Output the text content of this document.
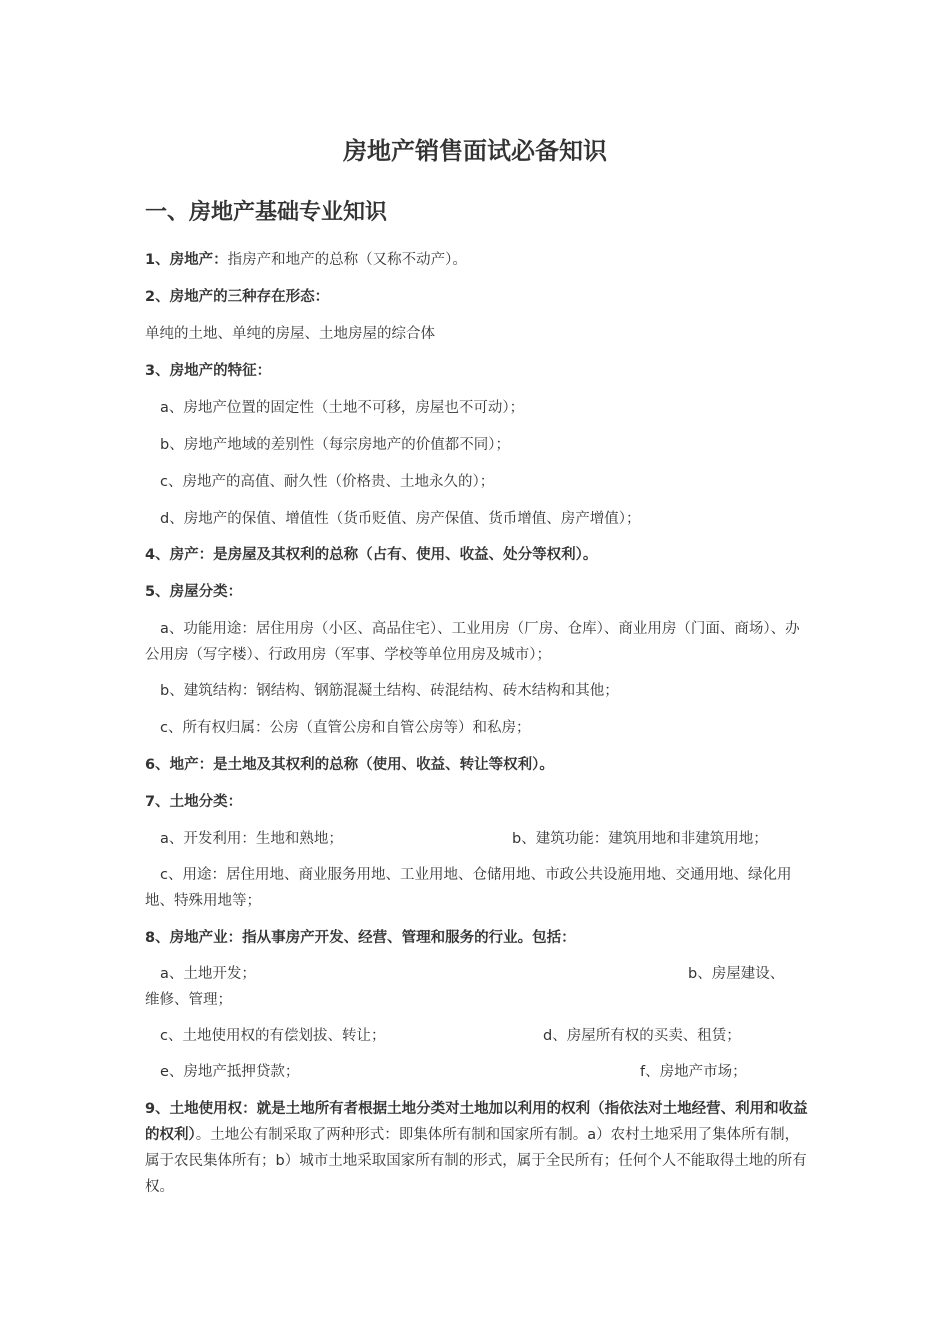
房地产销售面试必备知识
一、房地产基础专业知识

1、房地产：指房产和地产的总称（又称不动产）。

2、房地产的三种存在形态：

单纯的土地、单纯的房屋、土地房屋的综合体

3、房地产的特征：

a、房地产位置的固定性（土地不可移，房屋也不可动）；

b、房地产地域的差别性（每宗房地产的价值都不同）；

c、房地产的高值、耐久性（价格贵、土地永久的）；

d、房地产的保值、增值性（货币贬值、房产保值、货币增值、房产增值）；

4、房产：是房屋及其权利的总称（占有、使用、收益、处分等权利）。

5、房屋分类：

a、功能用途：居住用房（小区、高品住宅）、工业用房（厂房、仓库）、商业用房（门面、商场）、办公用房（写字楼）、行政用房（军事、学校等单位用房及城市）；

b、建筑结构：钢结构、钢筋混凝土结构、砖混结构、砖木结构和其他；

c、所有权归属：公房（直管公房和自管公房等）和私房；

6、地产：是土地及其权利的总称（使用、收益、转让等权利）。

7、土地分类：

a、开发利用：生地和熟地；	b、建筑功能：建筑用地和非建筑用地；

c、用途：居住用地、商业服务用地、工业用地、仓储用地、市政公共设施用地、交通用地、绿化用地、特殊用地等；

8、房地产业：指从事房产开发、经营、管理和服务的行业。包括：

a、土地开发；	b、房屋建设、

维修、管理；

c、土地使用权的有偿划拔、转让；	d、房屋所有权的买卖、租赁；

e、房地产抵押贷款；	f、房地产市场；

9、土地使用权：就是土地所有者根据土地分类对土地加以利用的权利（指依法对土地经营、利用和收益的权利）。土地公有制采取了两种形式：即集体所有制和国家所有制。a）农村土地采用了集体所有制，属于农民集体所有；b）城市土地采取国家所有制的形式，属于全民所有；任何个人不能取得土地的所有权。
